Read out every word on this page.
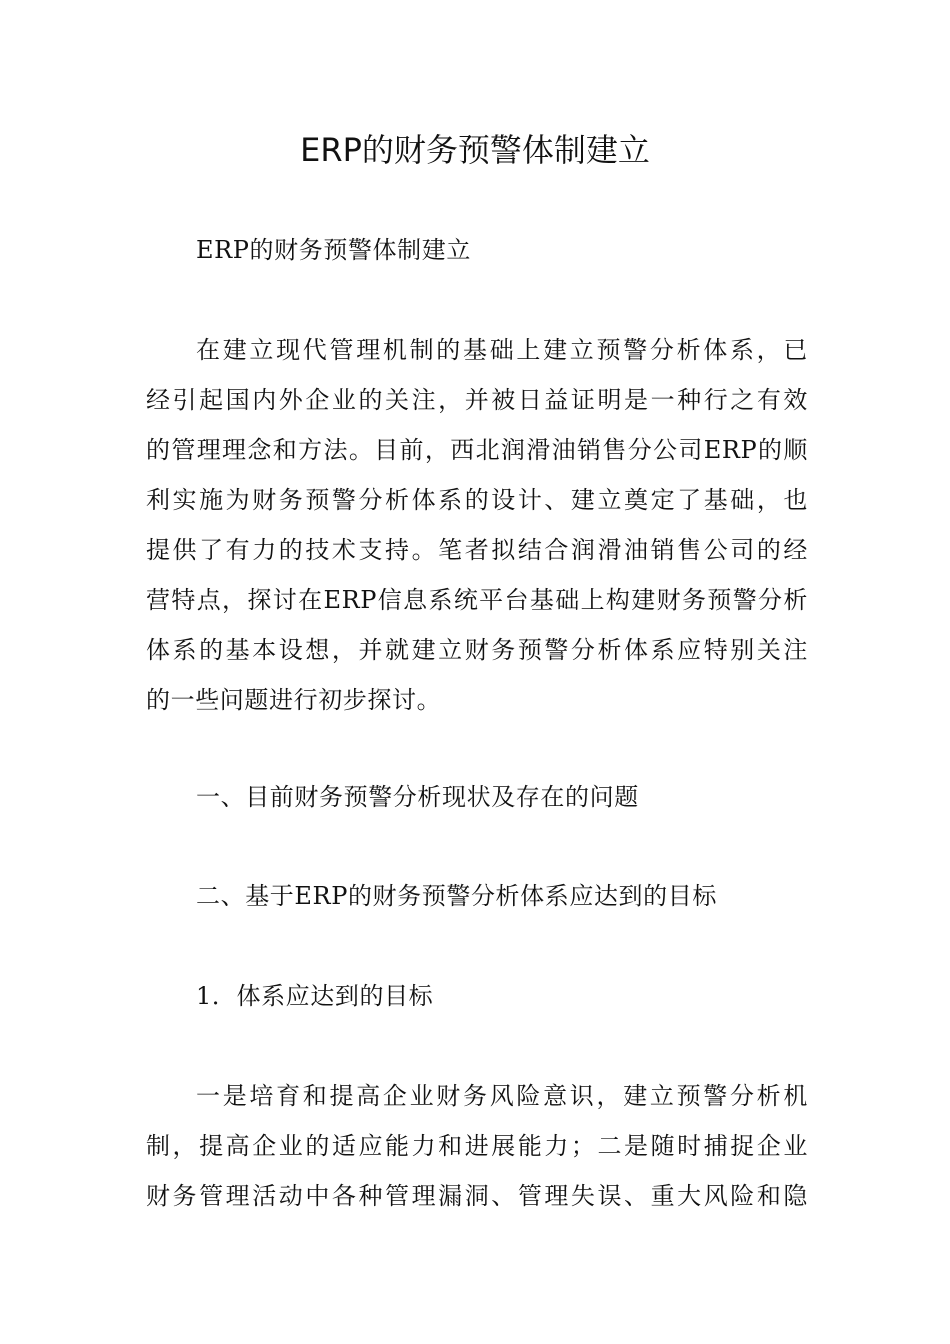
ERP的财务预警体制建立

ERP的财务预警体制建立

在建立现代管理机制的基础上建立预警分析体系，已
经引起国内外企业的关注，并被日益证明是一种行之有效
的管理理念和方法。目前，西北润滑油销售分公司ERP的顺
利实施为财务预警分析体系的设计、建立奠定了基础，也
提供了有力的技术支持。笔者拟结合润滑油销售公司的经
营特点，探讨在ERP信息系统平台基础上构建财务预警分析
体系的基本设想，并就建立财务预警分析体系应特别关注
的一些问题进行初步探讨。

一、目前财务预警分析现状及存在的问题

二、基于ERP的财务预警分析体系应达到的目标

1．体系应达到的目标

一是培育和提高企业财务风险意识，建立预警分析机
制，提高企业的适应能力和进展能力；二是随时捕捉企业
财务管理活动中各种管理漏洞、管理失误、重大风险和隐
